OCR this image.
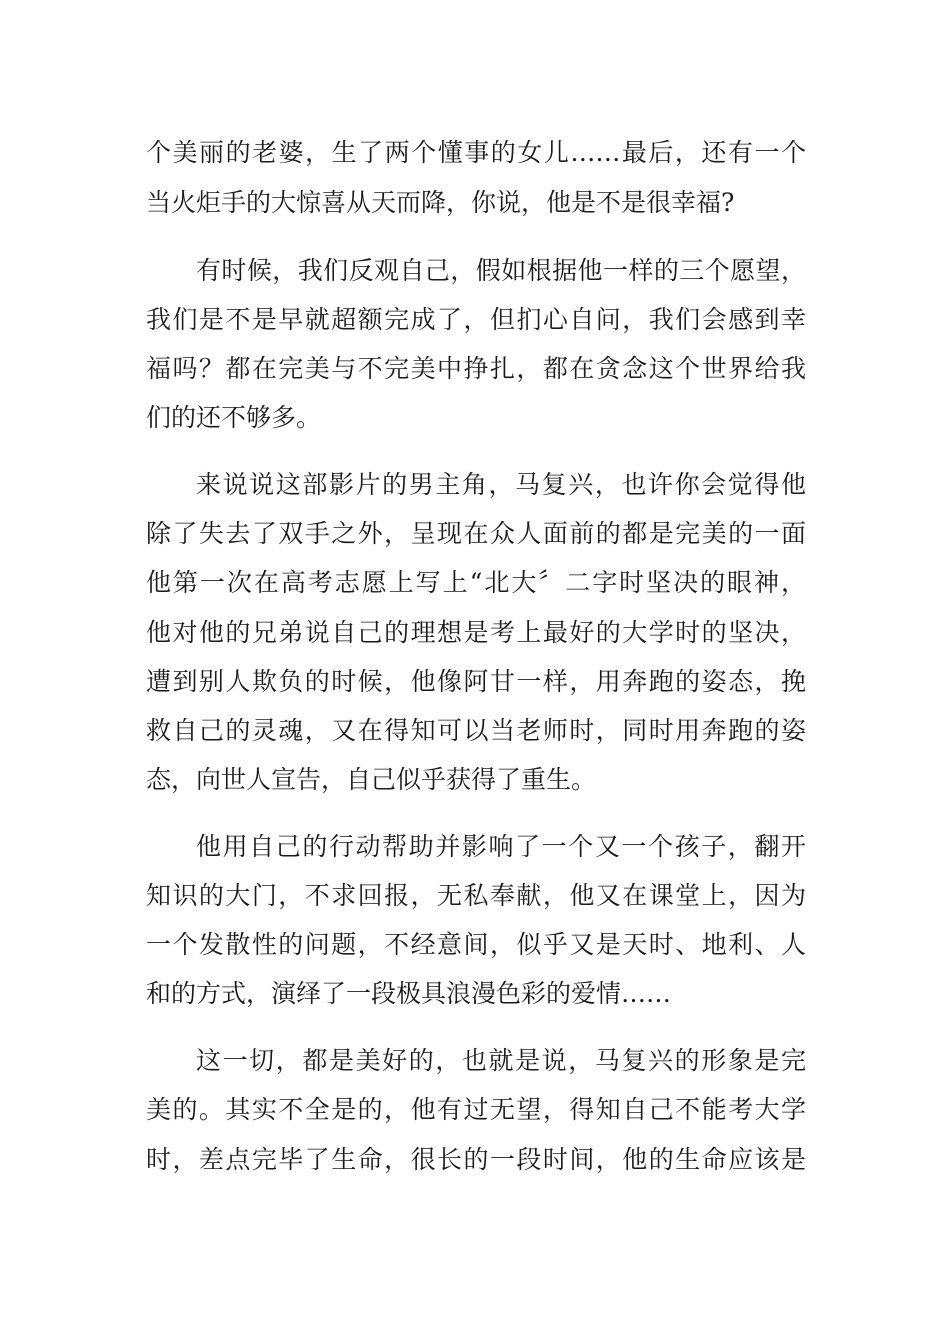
个美丽的老婆，生了两个懂事的女儿……最后，还有一个
当火炬手的大惊喜从天而降，你说，他是不是很幸福?
有时候，我们反观自己，假如根据他一样的三个愿望，
我们是不是早就超额完成了，但扪心自问，我们会感到幸
福吗？都在完美与不完美中挣扎，都在贪念这个世界给我
们的还不够多。
来说说这部影片的男主角，马复兴，也许你会觉得他
除了失去了双手之外，呈现在众人面前的都是完美的一面
他第一次在高考志愿上写上“北大〞二字时坚决的眼神，
他对他的兄弟说自己的理想是考上最好的大学时的坚决，
遭到别人欺负的时候，他像阿甘一样，用奔跑的姿态，挽
救自己的灵魂，又在得知可以当老师时，同时用奔跑的姿
态，向世人宣告，自己似乎获得了重生。
他用自己的行动帮助并影响了一个又一个孩子，翻开
知识的大门，不求回报，无私奉献，他又在课堂上，因为
一个发散性的问题，不经意间，似乎又是天时、地利、人
和的方式，演绎了一段极具浪漫色彩的爱情……
这一切，都是美好的，也就是说，马复兴的形象是完
美的。其实不全是的，他有过无望，得知自己不能考大学
时，差点完毕了生命，很长的一段时间，他的生命应该是
